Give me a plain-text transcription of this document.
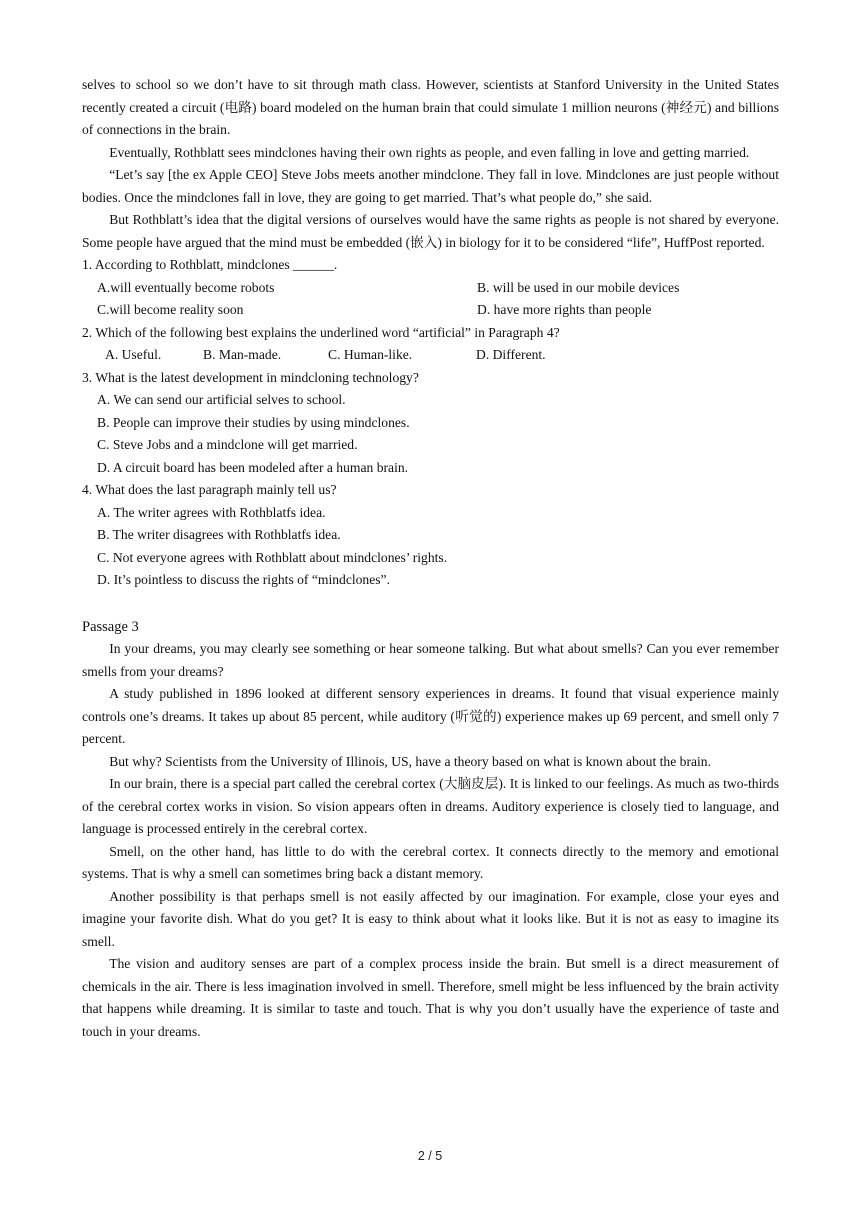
selves to school so we don’t have to sit through math class. However, scientists at Stanford University in the United States recently created a circuit (电路) board modeled on the human brain that could simulate 1 million neurons (神经元) and billions of connections in the brain.

Eventually, Rothblatt sees mindclones having their own rights as people, and even falling in love and getting married.

“Let’s say [the ex Apple CEO] Steve Jobs meets another mindclone. They fall in love. Mindclones are just people without bodies. Once the mindclones fall in love, they are going to get married. That’s what people do,” she said.

But Rothblatt’s idea that the digital versions of ourselves would have the same rights as people is not shared by everyone. Some people have argued that the mind must be embedded (嵌入) in biology for it to be considered “life”, HuffPost reported.

1. According to Rothblatt, mindclones ______.

A.will eventually become robots	B. will be used in our mobile devices
C.will become reality soon	D. have more rights than people

2. Which of the following best explains the underlined word “artificial” in Paragraph 4?

A. Useful.	B. Man-made.	C. Human-like.	D. Different.

3. What is the latest development in mindcloning technology?

A. We can send our artificial selves to school.

B. People can improve their studies by using mindclones.

C. Steve Jobs and a mindclone will get married.

D. A circuit board has been modeled after a human brain.

4. What does the last paragraph mainly tell us?

A. The writer agrees with Rothblatfs idea.

B. The writer disagrees with Rothblatfs idea.

C. Not everyone agrees with Rothblatt about mindclones’ rights.

D. It’s pointless to discuss the rights of “mindclones”.

Passage 3

In your dreams, you may clearly see something or hear someone talking. But what about smells? Can you ever remember smells from your dreams?

A study published in 1896 looked at different sensory experiences in dreams. It found that visual experience mainly controls one’s dreams. It takes up about 85 percent, while auditory (听觉的) experience makes up 69 percent, and smell only 7 percent.

But why? Scientists from the University of Illinois, US, have a theory based on what is known about the brain.

In our brain, there is a special part called the cerebral cortex (大脑皮层). It is linked to our feelings. As much as two-thirds of the cerebral cortex works in vision. So vision appears often in dreams. Auditory experience is closely tied to language, and language is processed entirely in the cerebral cortex.

Smell, on the other hand, has little to do with the cerebral cortex. It connects directly to the memory and emotional systems. That is why a smell can sometimes bring back a distant memory.

Another possibility is that perhaps smell is not easily affected by our imagination. For example, close your eyes and imagine your favorite dish. What do you get? It is easy to think about what it looks like. But it is not as easy to imagine its smell.

The vision and auditory senses are part of a complex process inside the brain. But smell is a direct measurement of chemicals in the air. There is less imagination involved in smell. Therefore, smell might be less influenced by the brain activity that happens while dreaming. It is similar to taste and touch. That is why you don’t usually have the experience of taste and touch in your dreams.

2 / 5
